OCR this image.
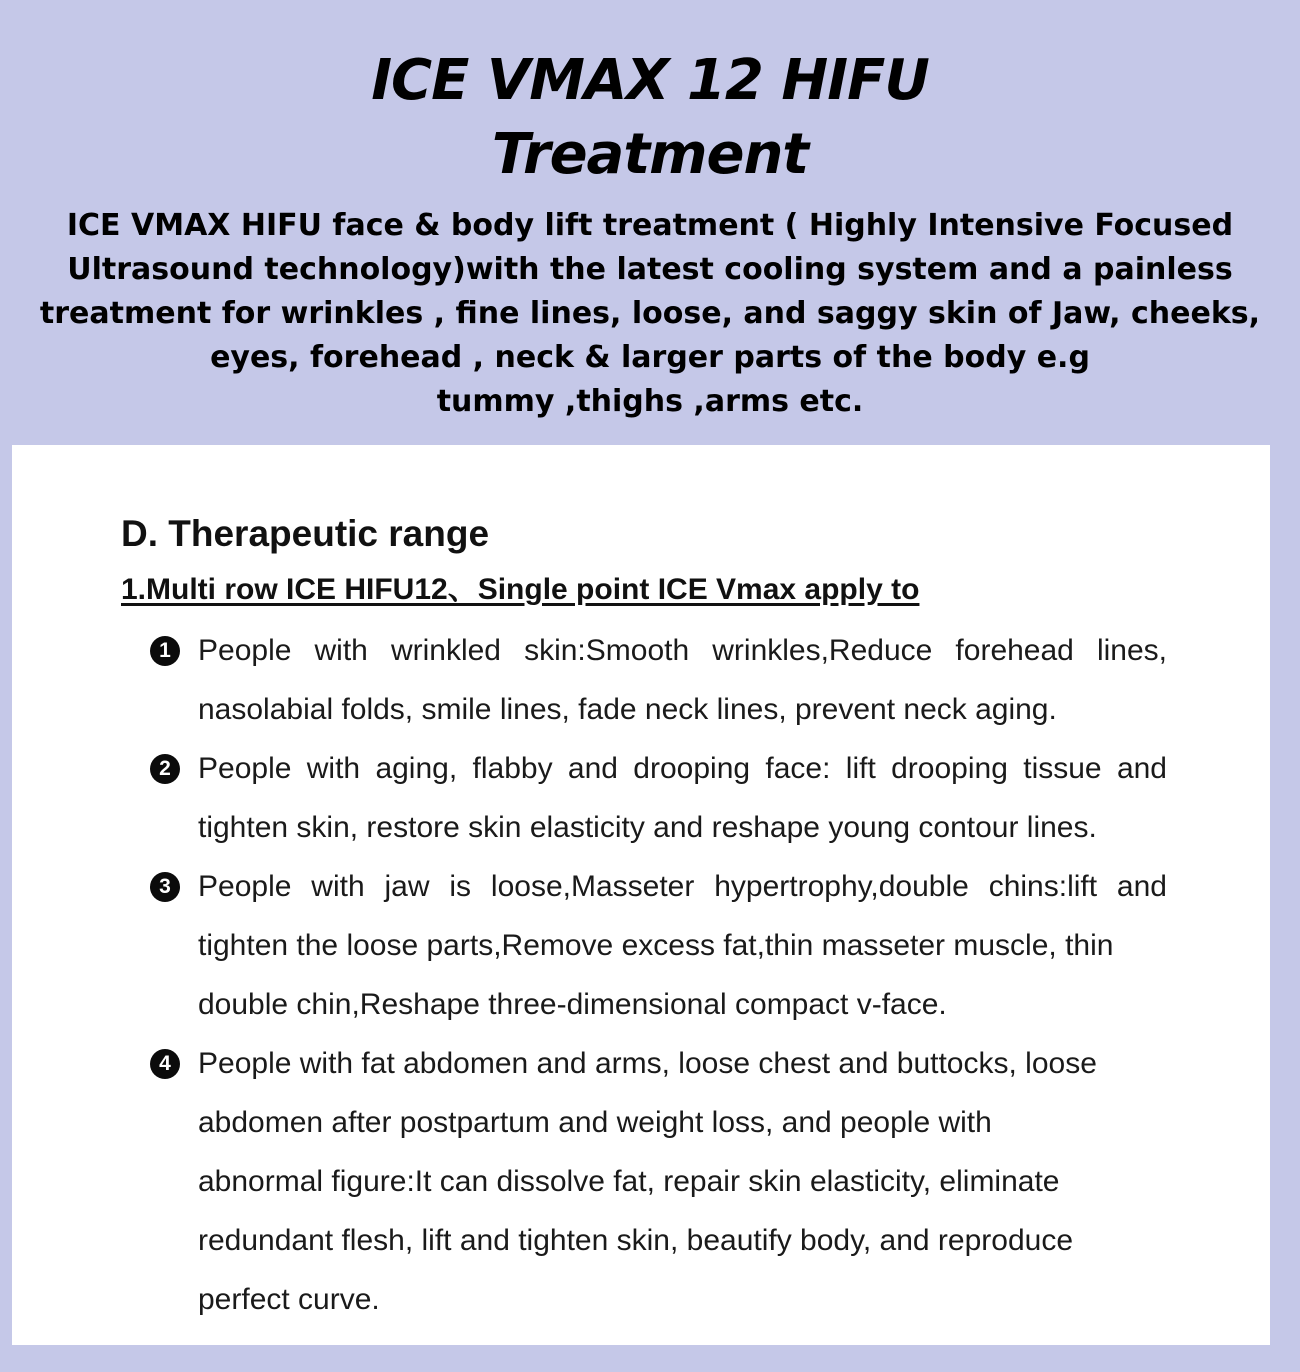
ICE VMAX 12 HIFU
Treatment

ICE VMAX HIFU face & body lift treatment ( Highly Intensive Focused
Ultrasound technology)with the latest cooling system and a painless
treatment for wrinkles , fine lines, loose, and saggy skin of Jaw, cheeks,
eyes, forehead , neck & larger parts of the body e.g
tummy ,thighs ,arms etc.

D. Therapeutic range
1.Multi row ICE HIFU12、Single point ICE Vmax apply to
1 People with wrinkled skin:Smooth wrinkles,Reduce forehead lines,
nasolabial folds, smile lines, fade neck lines, prevent neck aging.
2 People with aging, flabby and drooping face: lift drooping tissue and
tighten skin, restore skin elasticity and reshape young contour lines.
3 People with jaw is loose,Masseter hypertrophy,double chins:lift and
tighten the loose parts,Remove excess fat,thin masseter muscle, thin
double chin,Reshape three-dimensional compact v-face.
4 People with fat abdomen and arms, loose chest and buttocks, loose
abdomen after postpartum and weight loss, and people with
abnormal figure:It can dissolve fat, repair skin elasticity, eliminate
redundant flesh, lift and tighten skin, beautify body, and reproduce
perfect curve.
